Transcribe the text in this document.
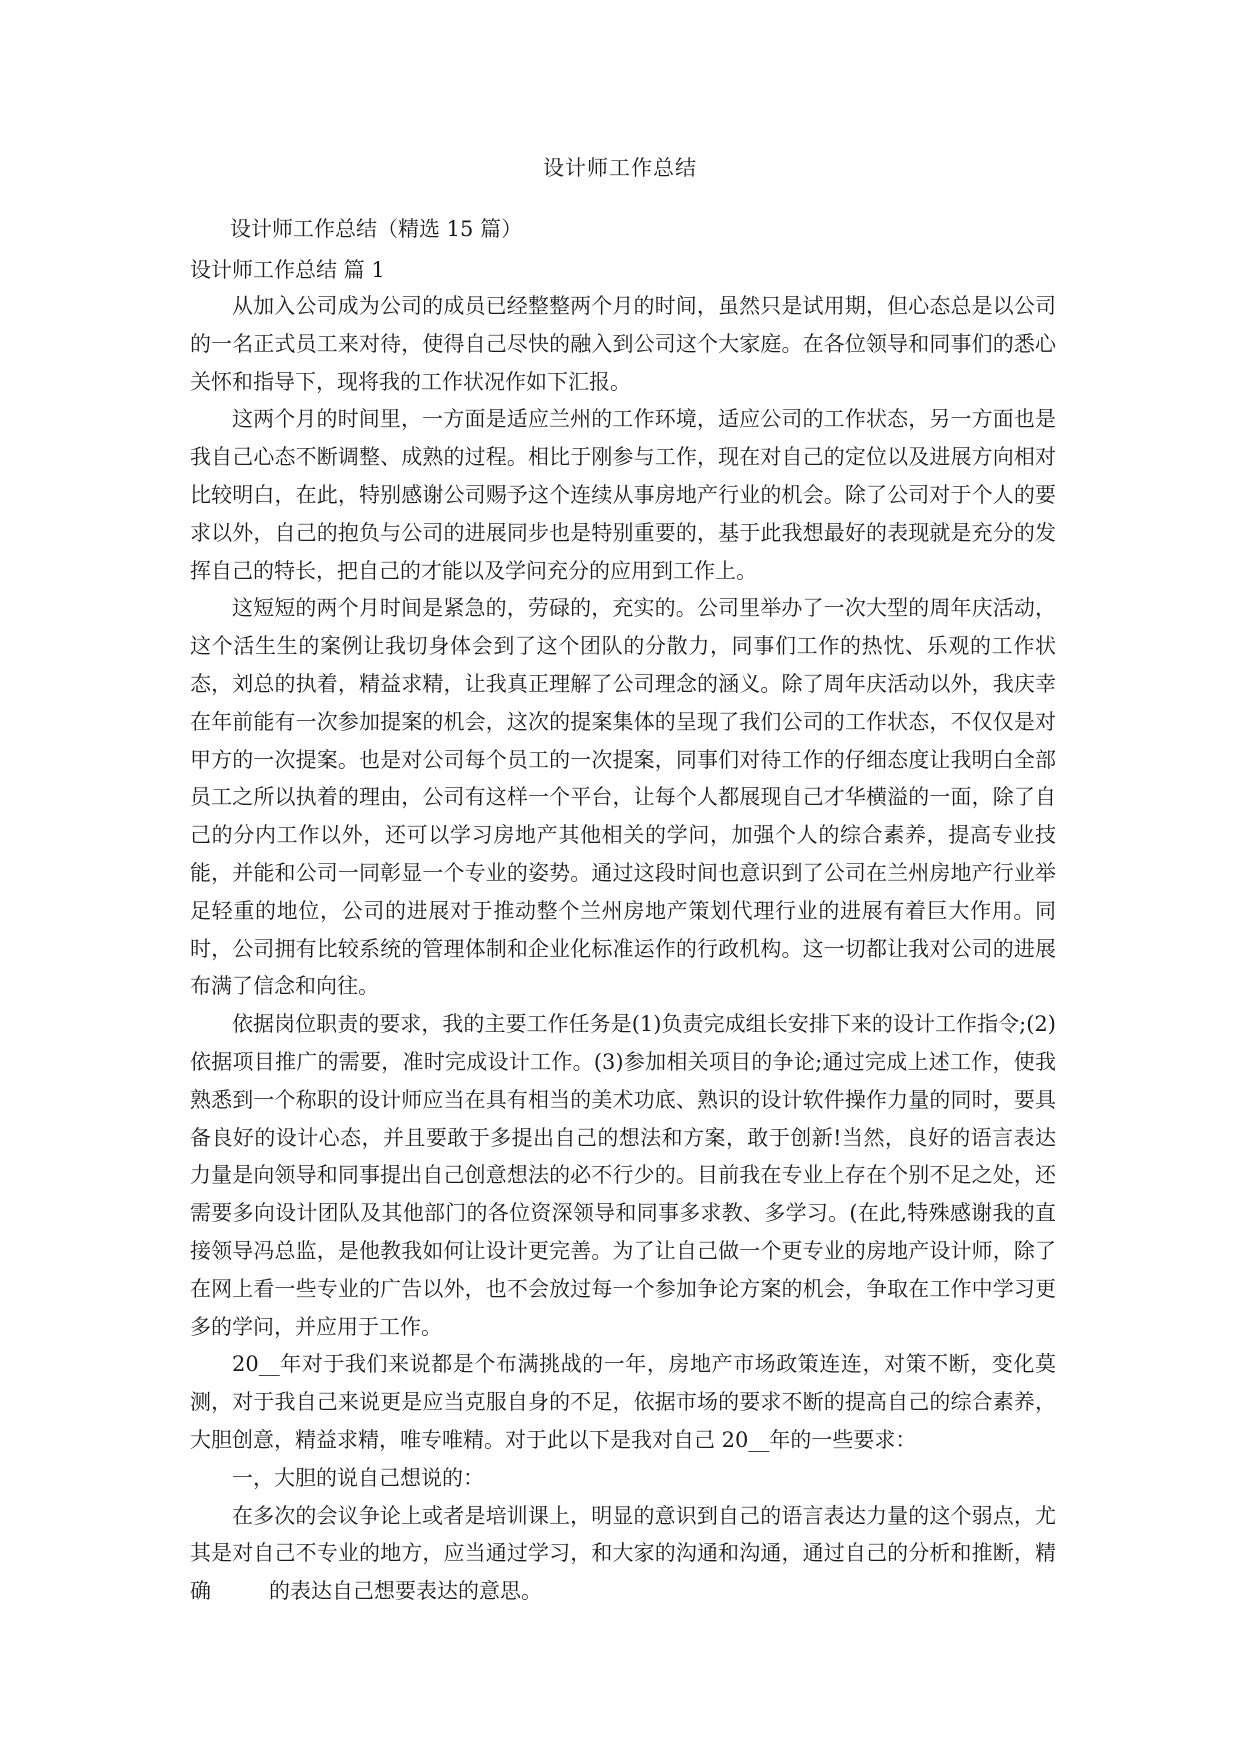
设计师工作总结
设计师工作总结（精选 15 篇）
设计师工作总结 篇 1

从加入公司成为公司的成员已经整整两个月的时间，虽然只是试用期，但心态总是以公司的一名正式员工来对待，使得自己尽快的融入到公司这个大家庭。在各位领导和同事们的悉心关怀和指导下，现将我的工作状况作如下汇报。

这两个月的时间里，一方面是适应兰州的工作环境，适应公司的工作状态，另一方面也是我自己心态不断调整、成熟的过程。相比于刚参与工作，现在对自己的定位以及进展方向相对比较明白，在此，特别感谢公司赐予这个连续从事房地产行业的机会。除了公司对于个人的要求以外，自己的抱负与公司的进展同步也是特别重要的，基于此我想最好的表现就是充分的发挥自己的特长，把自己的才能以及学问充分的应用到工作上。

这短短的两个月时间是紧急的，劳碌的，充实的。公司里举办了一次大型的周年庆活动，这个活生生的案例让我切身体会到了这个团队的分散力，同事们工作的热忱、乐观的工作状态，刘总的执着，精益求精，让我真正理解了公司理念的涵义。除了周年庆活动以外，我庆幸在年前能有一次参加提案的机会，这次的提案集体的呈现了我们公司的工作状态，不仅仅是对甲方的一次提案。也是对公司每个员工的一次提案，同事们对待工作的仔细态度让我明白全部员工之所以执着的理由，公司有这样一个平台，让每个人都展现自己才华横溢的一面，除了自己的分内工作以外，还可以学习房地产其他相关的学问，加强个人的综合素养，提高专业技能，并能和公司一同彰显一个专业的姿势。通过这段时间也意识到了公司在兰州房地产行业举足轻重的地位，公司的进展对于推动整个兰州房地产策划代理行业的进展有着巨大作用。同时，公司拥有比较系统的管理体制和企业化标准运作的行政机构。这一切都让我对公司的进展布满了信念和向往。

依据岗位职责的要求，我的主要工作任务是(1)负责完成组长安排下来的设计工作指令;(2)依据项目推广的需要，准时完成设计工作。(3)参加相关项目的争论;通过完成上述工作，使我熟悉到一个称职的设计师应当在具有相当的美术功底、熟识的设计软件操作力量的同时，要具备良好的设计心态，并且要敢于多提出自己的想法和方案，敢于创新!当然，良好的语言表达力量是向领导和同事提出自己创意想法的必不行少的。目前我在专业上存在个别不足之处，还需要多向设计团队及其他部门的各位资深领导和同事多求教、多学习。(在此,特殊感谢我的直接领导冯总监，是他教我如何让设计更完善。为了让自己做一个更专业的房地产设计师，除了在网上看一些专业的广告以外，也不会放过每一个参加争论方案的机会，争取在工作中学习更多的学问，并应用于工作。

20__年对于我们来说都是个布满挑战的一年，房地产市场政策连连，对策不断，变化莫测，对于我自己来说更是应当克服自身的不足，依据市场的要求不断的提高自己的综合素养，大胆创意，精益求精，唯专唯精。对于此以下是我对自己 20__年的一些要求：

一，大胆的说自己想说的：

在多次的会议争论上或者是培训课上，明显的意识到自己的语言表达力量的这个弱点，尤其是对自己不专业的地方，应当通过学习，和大家的沟通和沟通，通过自己的分析和推断，精确	的表达自己想要表达的意思。
